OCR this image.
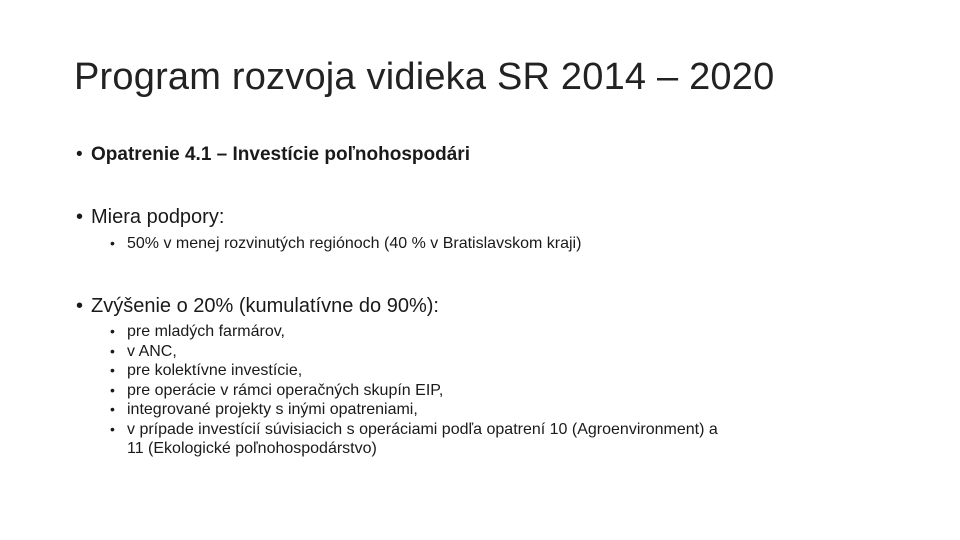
Program rozvoja vidieka SR 2014 – 2020
• Opatrenie 4.1 – Investície poľnohospodári
• Miera podpory:
• 50% v menej rozvinutých regiónoch (40 % v Bratislavskom kraji)
• Zvýšenie o 20% (kumulatívne do 90%):
• pre mladých farmárov,
• v ANC,
• pre kolektívne investície,
• pre operácie v rámci operačných skupín EIP,
• integrované projekty s inými opatreniami,
• v prípade investícií súvisiacich s operáciami podľa opatrení 10 (Agroenvironment) a
11 (Ekologické poľnohospodárstvo)
